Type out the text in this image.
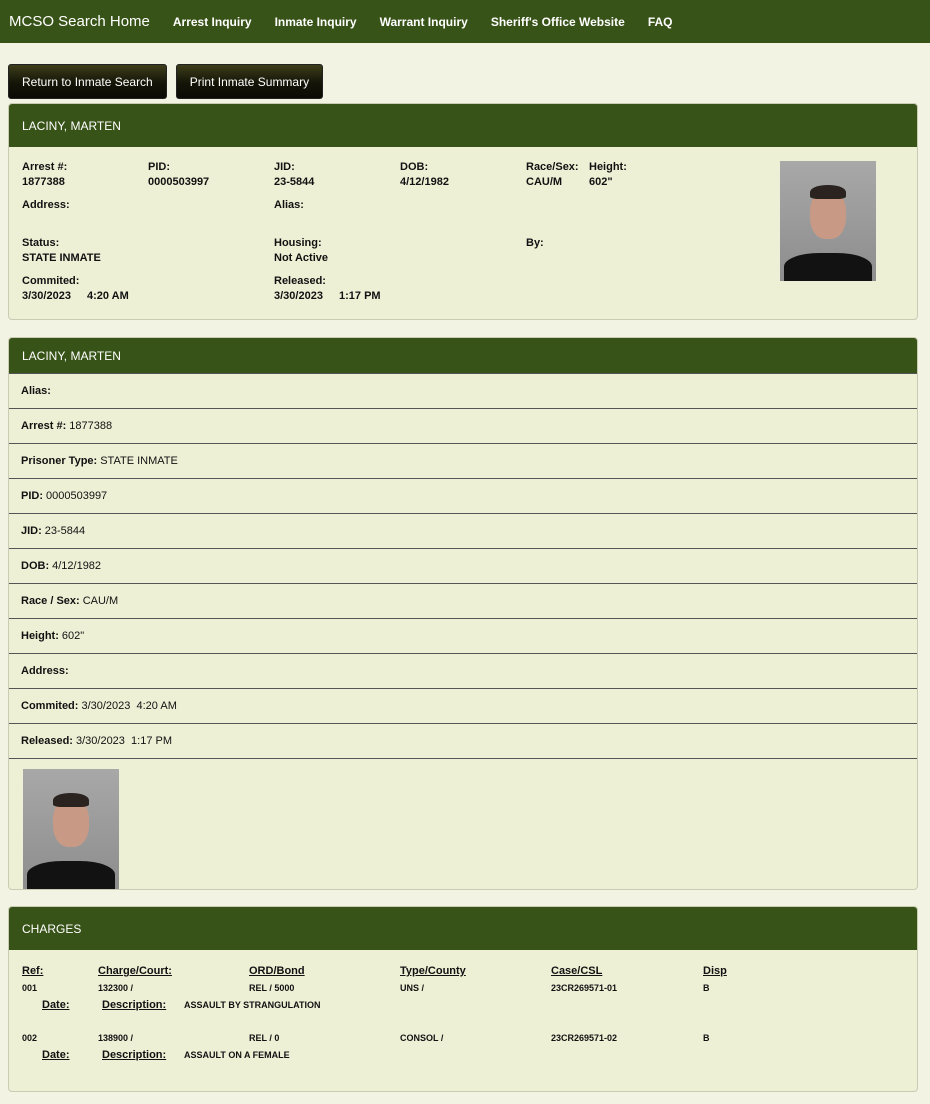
MCSO Search Home Arrest Inquiry Inmate Inquiry Warrant Inquiry Sheriff's Office Website FAQ
Return to Inmate Search	Print Inmate Summary
LACINY, MARTEN
Arrest #:
1877388
PID:
0000503997
JID:
23-5844
DOB:
4/12/1982
Race/Sex:
CAU/M
Height:
602"
Address:	Alias:
Status:
STATE INMATE
Housing:
Not Active
By:
Commited:
3/30/2023 4:20 AM
Released:
3/30/2023 1:17 PM
LACINY, MARTEN
Alias:
Arrest #: 1877388
Prisoner Type: STATE INMATE
PID: 0000503997
JID: 23-5844
DOB: 4/12/1982
Race / Sex: CAU/M
Height: 602"
Address:
Commited: 3/30/2023  4:20 AM
Released: 3/30/2023  1:17 PM
CHARGES
Ref:	Charge/Court:	ORD/Bond	Type/County	Case/CSL	Disp
001	132300 /	REL / 5000	UNS /	23CR269571-01	B
Date:	Description: ASSAULT BY STRANGULATION
002	138900 /	REL / 0	CONSOL /	23CR269571-02	B
Date:	Description: ASSAULT ON A FEMALE
